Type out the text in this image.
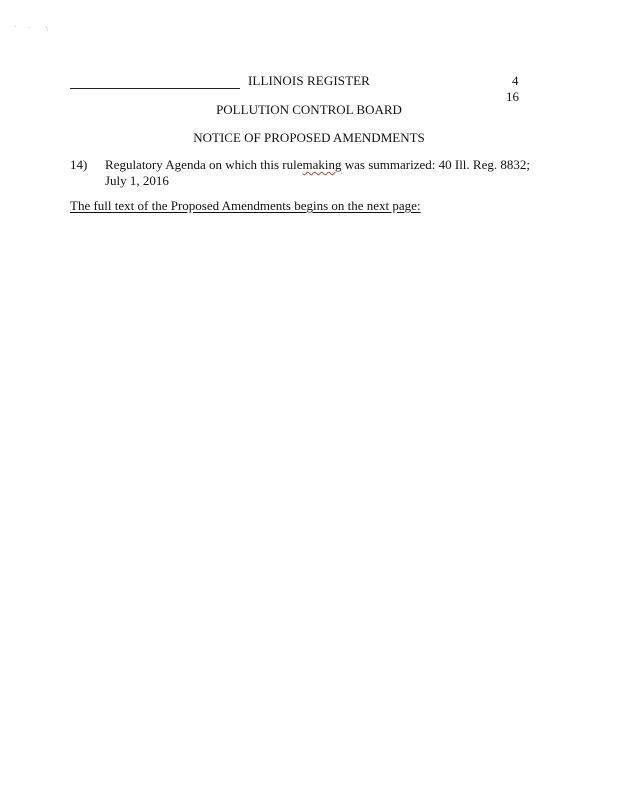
· · \
ILLINOIS REGISTER	4
16
POLLUTION CONTROL BOARD
NOTICE OF PROPOSED AMENDMENTS
14) Regulatory Agenda on which this rulemaking was summarized: 40 Ill. Reg. 8832; July 1, 2016
The full text of the Proposed Amendments begins on the next page:
